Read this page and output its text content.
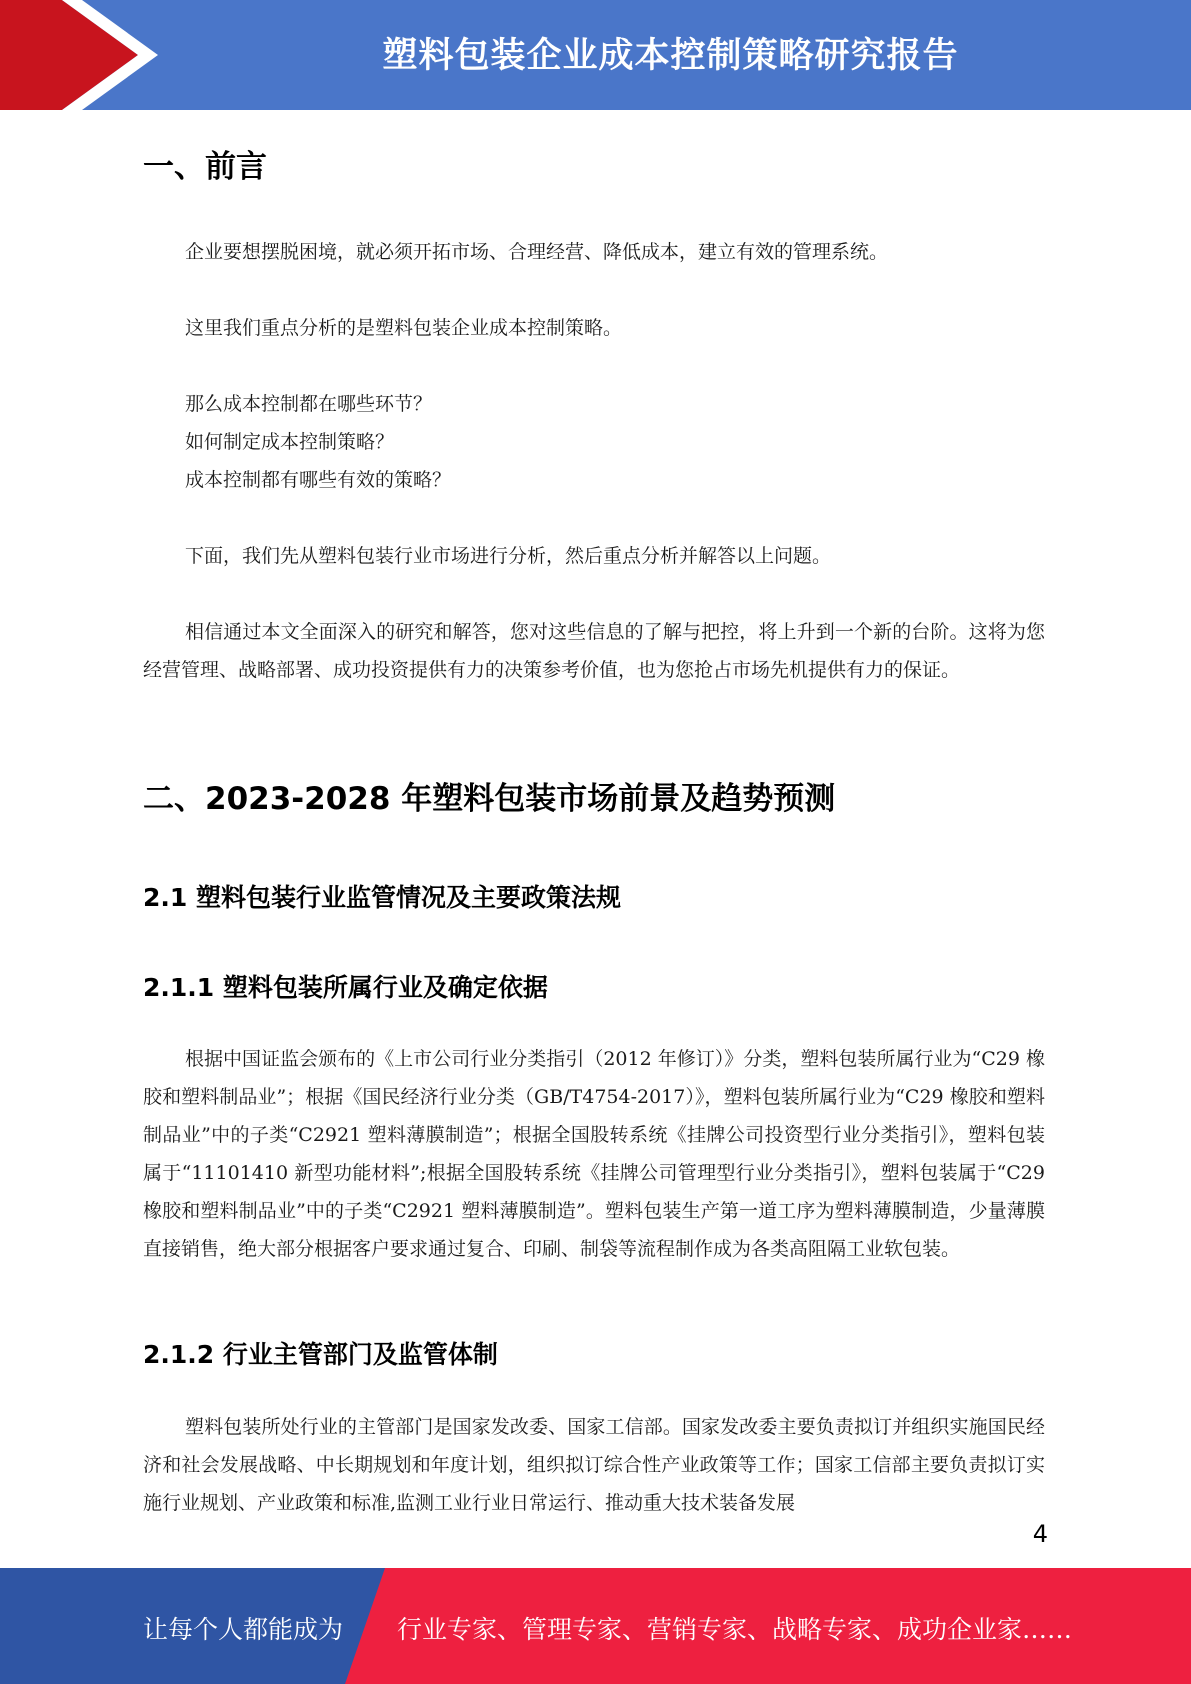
塑料包装企业成本控制策略研究报告
一、前言
企业要想摆脱困境，就必须开拓市场、合理经营、降低成本，建立有效的管理系统。
这里我们重点分析的是塑料包装企业成本控制策略。
那么成本控制都在哪些环节？
如何制定成本控制策略？
成本控制都有哪些有效的策略？
下面，我们先从塑料包装行业市场进行分析，然后重点分析并解答以上问题。
相信通过本文全面深入的研究和解答，您对这些信息的了解与把控，将上升到一个新的台阶。这将为您经营管理、战略部署、成功投资提供有力的决策参考价值，也为您抢占市场先机提供有力的保证。
二、2023-2028 年塑料包装市场前景及趋势预测
2.1 塑料包装行业监管情况及主要政策法规
2.1.1 塑料包装所属行业及确定依据
根据中国证监会颁布的《上市公司行业分类指引（2012 年修订）》分类，塑料包装所属行业为“C29 橡胶和塑料制品业”；根据《国民经济行业分类（GB/T4754-2017）》，塑料包装所属行业为“C29 橡胶和塑料制品业”中的子类“C2921 塑料薄膜制造”；根据全国股转系统《挂牌公司投资型行业分类指引》，塑料包装属于“11101410 新型功能材料”;根据全国股转系统《挂牌公司管理型行业分类指引》，塑料包装属于“C29 橡胶和塑料制品业”中的子类“C2921 塑料薄膜制造”。塑料包装生产第一道工序为塑料薄膜制造，少量薄膜直接销售，绝大部分根据客户要求通过复合、印刷、制袋等流程制作成为各类高阻隔工业软包装。
2.1.2 行业主管部门及监管体制
塑料包装所处行业的主管部门是国家发改委、国家工信部。国家发改委主要负责拟订并组织实施国民经济和社会发展战略、中长期规划和年度计划，组织拟订综合性产业政策等工作；国家工信部主要负责拟订实施行业规划、产业政策和标准,监测工业行业日常运行、推动重大技术装备发展
4
让每个人都能成为 行业专家、管理专家、营销专家、战略专家、成功企业家……
